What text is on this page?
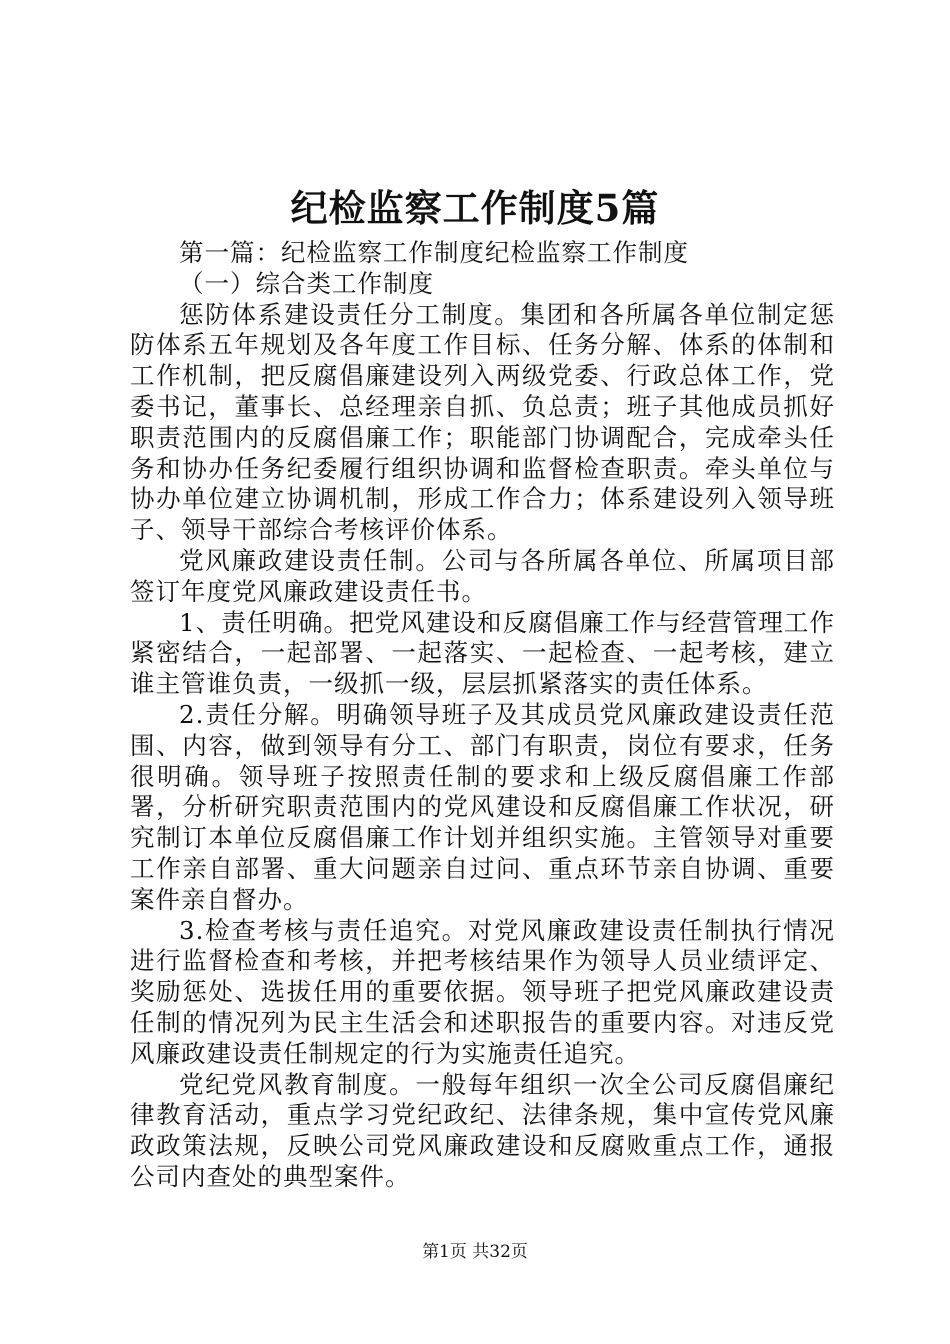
纪检监察工作制度5篇

第一篇：纪检监察工作制度纪检监察工作制度

（一）综合类工作制度

惩防体系建设责任分工制度。集团和各所属各单位制定惩防体系五年规划及各年度工作目标、任务分解、体系的体制和工作机制，把反腐倡廉建设列入两级党委、行政总体工作，党委书记，董事长、总经理亲自抓、负总责；班子其他成员抓好职责范围内的反腐倡廉工作；职能部门协调配合，完成牵头任务和协办任务纪委履行组织协调和监督检查职责。牵头单位与协办单位建立协调机制，形成工作合力；体系建设列入领导班子、领导干部综合考核评价体系。

党风廉政建设责任制。公司与各所属各单位、所属项目部签订年度党风廉政建设责任书。

1、责任明确。把党风建设和反腐倡廉工作与经营管理工作紧密结合，一起部署、一起落实、一起检查、一起考核，建立谁主管谁负责，一级抓一级，层层抓紧落实的责任体系。

2.责任分解。明确领导班子及其成员党风廉政建设责任范围、内容，做到领导有分工、部门有职责，岗位有要求，任务很明确。领导班子按照责任制的要求和上级反腐倡廉工作部署，分析研究职责范围内的党风建设和反腐倡廉工作状况，研究制订本单位反腐倡廉工作计划并组织实施。主管领导对重要工作亲自部署、重大问题亲自过问、重点环节亲自协调、重要案件亲自督办。

3.检查考核与责任追究。对党风廉政建设责任制执行情况进行监督检查和考核，并把考核结果作为领导人员业绩评定、奖励惩处、选拔任用的重要依据。领导班子把党风廉政建设责任制的情况列为民主生活会和述职报告的重要内容。对违反党风廉政建设责任制规定的行为实施责任追究。

党纪党风教育制度。一般每年组织一次全公司反腐倡廉纪律教育活动，重点学习党纪政纪、法律条规，集中宣传党风廉政政策法规，反映公司党风廉政建设和反腐败重点工作，通报公司内查处的典型案件。

第1页 共32页
